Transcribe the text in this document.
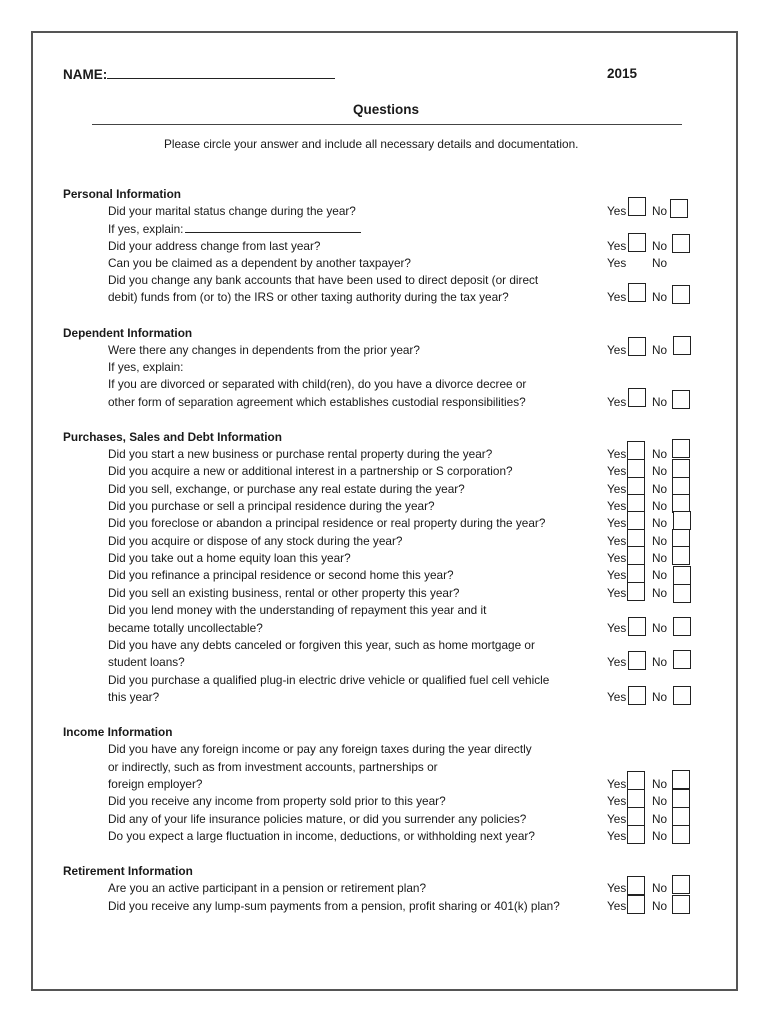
NAME:	2015
Questions
Please circle your answer and include all necessary details and documentation.
Personal Information
Did your marital status change during the year?
If yes, explain:
Did your address change from last year?
Can you be claimed as a dependent by another taxpayer?
Did you change any bank accounts that have been used to direct deposit (or direct
debit) funds from (or to) the IRS or other taxing authority during the tax year?
Dependent Information
Were there any changes in dependents from the prior year?
If yes, explain:
If you are divorced or separated with child(ren), do you have a divorce decree or
other form of separation agreement which establishes custodial responsibilities?
Purchases, Sales and Debt Information
Did you start a new business or purchase rental property during the year?
Did you acquire a new or additional interest in a partnership or S corporation?
Did you sell, exchange, or purchase any real estate during the year?
Did you purchase or sell a principal residence during the year?
Did you foreclose or abandon a principal residence or real property during the year?
Did you acquire or dispose of any stock during the year?
Did you take out a home equity loan this year?
Did you refinance a principal residence or second home this year?
Did you sell an existing business, rental or other property this year?
Did you lend money with the understanding of repayment this year and it
became totally uncollectable?
Did you have any debts canceled or forgiven this year, such as home mortgage or
student loans?
Did you purchase a qualified plug-in electric drive vehicle or qualified fuel cell vehicle
this year?
Income Information
Did you have any foreign income or pay any foreign taxes during the year directly
or indirectly, such as from investment accounts, partnerships or
foreign employer?
Did you receive any income from property sold prior to this year?
Did any of your life insurance policies mature, or did you surrender any policies?
Do you expect a large fluctuation in income, deductions, or withholding next year?
Retirement Information
Are you an active participant in a pension or retirement plan?
Did you receive any lump-sum payments from a pension, profit sharing or 401(k) plan?
Yes No
Yes No
Yes No
Yes No
Yes No
Yes No
Yes No
Yes No
Yes No
Yes No
Yes No
Yes No
Yes No
Yes No
Yes No
Yes No
Yes No
Yes No
Yes No
Yes No
Yes No
Yes No
Yes No
Yes No
